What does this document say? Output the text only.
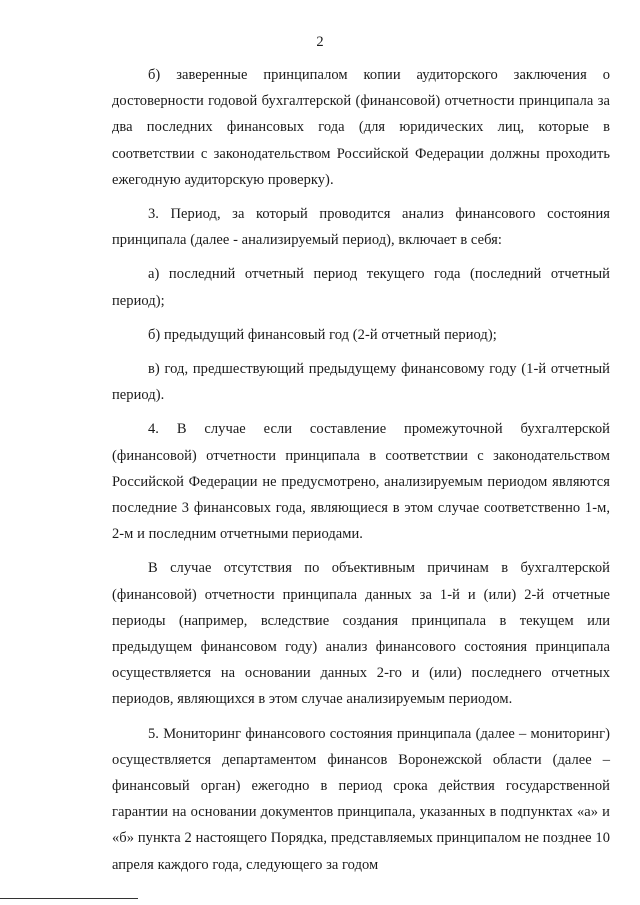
2

б) заверенные принципалом копии аудиторского заключения о достоверности годовой бухгалтерской (финансовой) отчетности принципала за два последних финансовых года (для юридических лиц, которые в соответствии с законодательством Российской Федерации должны проходить ежегодную аудиторскую проверку).

3. Период, за который проводится анализ финансового состояния принципала (далее - анализируемый период), включает в себя:

а) последний отчетный период текущего года (последний отчетный период);

б) предыдущий финансовый год (2-й отчетный период);

в) год, предшествующий предыдущему финансовому году (1-й отчетный период).

4. В случае если составление промежуточной бухгалтерской (финансовой) отчетности принципала в соответствии с законодательством Российской Федерации не предусмотрено, анализируемым периодом являются последние 3 финансовых года, являющиеся в этом случае соответственно 1-м, 2-м и последним отчетными периодами.

В случае отсутствия по объективным причинам в бухгалтерской (финансовой) отчетности принципала данных за 1-й и (или) 2-й отчетные периоды (например, вследствие создания принципала в текущем или предыдущем финансовом году) анализ финансового состояния принципала осуществляется на основании данных 2-го и (или) последнего отчетных периодов, являющихся в этом случае анализируемым периодом.

5. Мониторинг финансового состояния принципала (далее – мониторинг) осуществляется департаментом финансов Воронежской области (далее – финансовый орган) ежегодно в период срока действия государственной гарантии на основании документов принципала, указанных в подпунктах «а» и «б» пункта 2 настоящего Порядка, представляемых принципалом не позднее 10 апреля каждого года, следующего за годом
